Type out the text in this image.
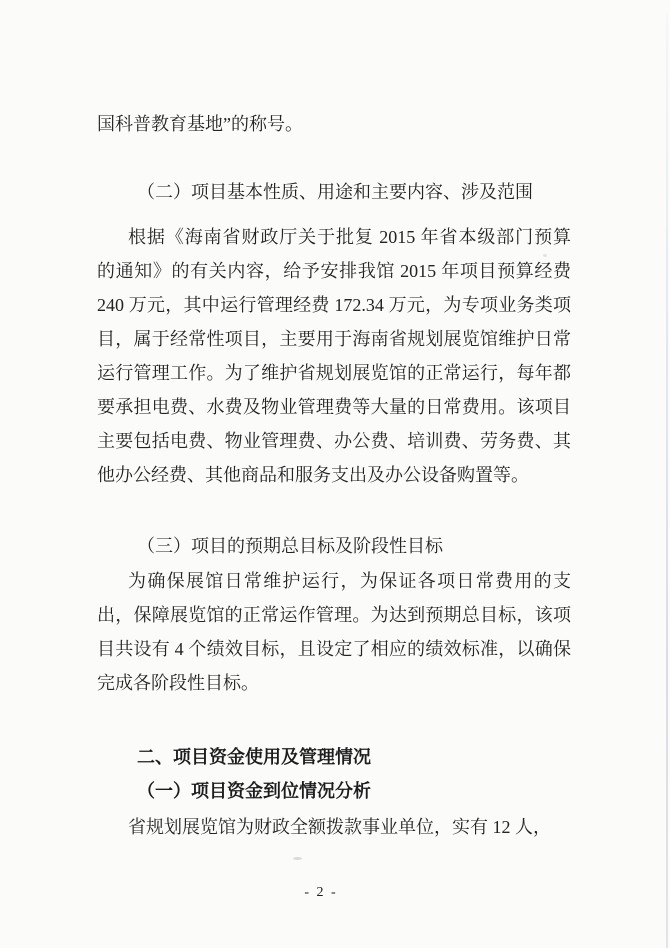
国科普教育基地”的称号。
（二）项目基本性质、用途和主要内容、涉及范围
根据《海南省财政厅关于批复 2015 年省本级部门预算
的通知》的有关内容，给予安排我馆 2015 年项目预算经费
240 万元，其中运行管理经费 172.34 万元，为专项业务类项
目，属于经常性项目，主要用于海南省规划展览馆维护日常
运行管理工作。为了维护省规划展览馆的正常运行，每年都
要承担电费、水费及物业管理费等大量的日常费用。该项目
主要包括电费、物业管理费、办公费、培训费、劳务费、其
他办公经费、其他商品和服务支出及办公设备购置等。
（三）项目的预期总目标及阶段性目标
为确保展馆日常维护运行，为保证各项日常费用的支
出，保障展览馆的正常运作管理。为达到预期总目标，该项
目共设有 4 个绩效目标，且设定了相应的绩效标准，以确保
完成各阶段性目标。
二、项目资金使用及管理情况
（一）项目资金到位情况分析
省规划展览馆为财政全额拨款事业单位，实有 12 人，
- 2 -
